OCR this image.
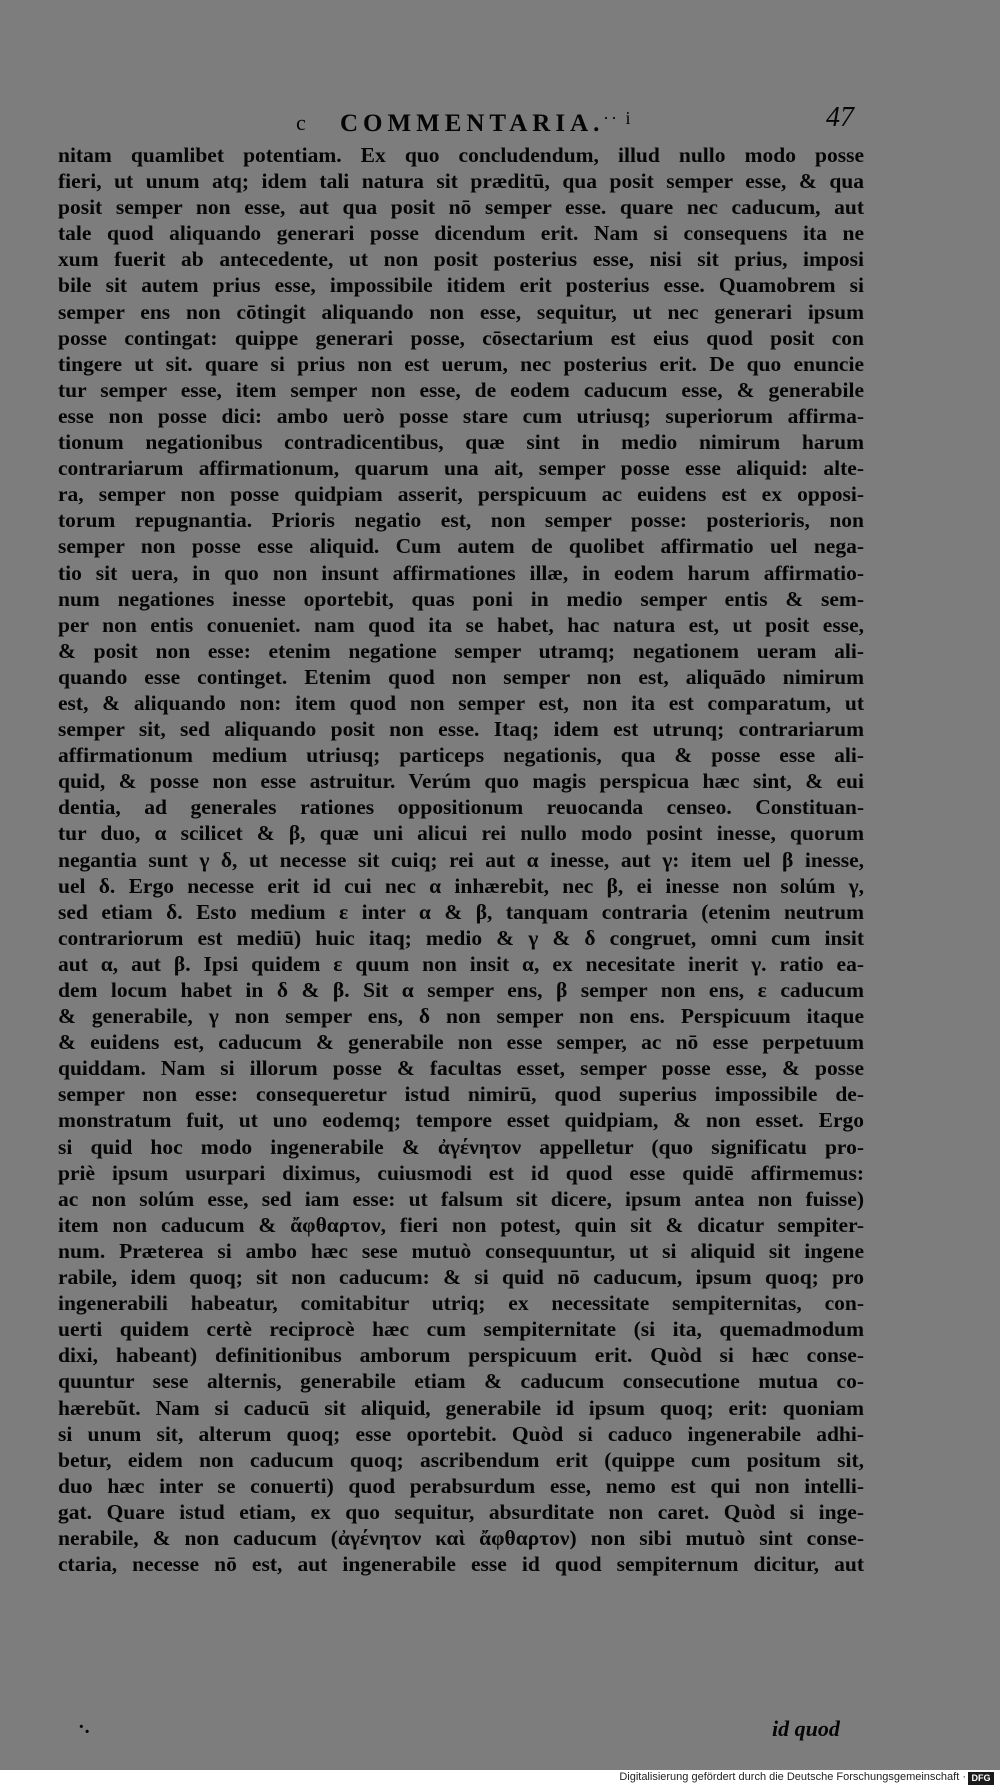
c COMMENTARIA.
·· i	47
nitam quamlibet potentiam. Ex quo concludendum, illud nullo modo posse
fieri, ut unum atq; idem tali natura sit præditū, qua posit semper esse, & qua
posit semper non esse, aut qua posit nō semper esse. quare nec caducum, aut
tale quod aliquando generari posse dicendum erit. Nam si consequens ita ne
xum fuerit ab antecedente, ut non posit posterius esse, nisi sit prius, imposi
bile sit autem prius esse, impossibile itidem erit posterius esse. Quamobrem si
semper ens non cōtingit aliquando non esse, sequitur, ut nec generari ipsum
posse contingat: quippe generari posse, cōsectarium est eius quod posit con
tingere ut sit. quare si prius non est uerum, nec posterius erit. De quo enuncie
tur semper esse, item semper non esse, de eodem caducum esse, & generabile
esse non posse dici: ambo uerò posse stare cum utriusq; superiorum affirma-
tionum negationibus contradicentibus, quæ sint in medio nimirum harum
contrariarum affirmationum, quarum una ait, semper posse esse aliquid: alte-
ra, semper non posse quidpiam asserit, perspicuum ac euidens est ex opposi-
torum repugnantia. Prioris negatio est, non semper posse: posterioris, non
semper non posse esse aliquid. Cum autem de quolibet affirmatio uel nega-
tio sit uera, in quo non insunt affirmationes illæ, in eodem harum affirmatio-
num negationes inesse oportebit, quas poni in medio semper entis & sem-
per non entis conueniet. nam quod ita se habet, hac natura est, ut posit esse,
& posit non esse: etenim negatione semper utramq; negationem ueram ali-
quando esse continget. Etenim quod non semper non est, aliquādo nimirum
est, & aliquando non: item quod non semper est, non ita est comparatum, ut
semper sit, sed aliquando posit non esse. Itaq; idem est utrunq; contrariarum
affirmationum medium utriusq; particeps negationis, qua & posse esse ali-
quid, & posse non esse astruitur. Verúm quo magis perspicua hæc sint, & eui
dentia, ad generales rationes oppositionum reuocanda censeo. Constituan-
tur duo, α scilicet & β, quæ uni alicui rei nullo modo posint inesse, quorum
negantia sunt γ δ, ut necesse sit cuiq; rei aut α inesse, aut γ: item uel β inesse,
uel δ. Ergo necesse erit id cui nec α inhærebit, nec β, ei inesse non solúm γ,
sed etiam δ. Esto medium ε inter α & β, tanquam contraria (etenim neutrum
contrariorum est mediū) huic itaq; medio & γ & δ congruet, omni cum insit
aut α, aut β. Ipsi quidem ε quum non insit α, ex necesitate inerit γ. ratio ea-
dem locum habet in δ & β. Sit α semper ens, β semper non ens, ε caducum
& generabile, γ non semper ens, δ non semper non ens. Perspicuum itaque
& euidens est, caducum & generabile non esse semper, ac nō esse perpetuum
quiddam. Nam si illorum posse & facultas esset, semper posse esse, & posse
semper non esse: consequeretur istud nimirū, quod superius impossibile de-
monstratum fuit, ut uno eodemq; tempore esset quidpiam, & non esset. Ergo
si quid hoc modo ingenerabile & ἀγένητον appelletur (quo significatu pro-
priè ipsum usurpari diximus, cuiusmodi est id quod esse quidē affirmemus:
ac non solúm esse, sed iam esse: ut falsum sit dicere, ipsum antea non fuisse)
item non caducum & ἄφθαρτον, fieri non potest, quin sit & dicatur sempiter-
num. Præterea si ambo hæc sese mutuò consequuntur, ut si aliquid sit ingene
rabile, idem quoq; sit non caducum: & si quid nō caducum, ipsum quoq; pro
ingenerabili habeatur, comitabitur utriq; ex necessitate sempiternitas, con-
uerti quidem certè reciprocè hæc cum sempiternitate (si ita, quemadmodum
dixi, habeant) definitionibus amborum perspicuum erit. Quòd si hæc conse-
quuntur sese alternis, generabile etiam & caducum consecutione mutua co-
hærebũt. Nam si caducū sit aliquid, generabile id ipsum quoq; erit: quoniam
si unum sit, alterum quoq; esse oportebit. Quòd si caduco ingenerabile adhi-
betur, eidem non caducum quoq; ascribendum erit (quippe cum positum sit,
duo hæc inter se conuerti) quod perabsurdum esse, nemo est qui non intelli-
gat. Quare istud etiam, ex quo sequitur, absurditate non caret. Quòd si inge-
nerabile, & non caducum (ἀγένητον καὶ ἄφθαρτον) non sibi mutuò sint conse-
ctaria, necesse nō est, aut ingenerabile esse id quod sempiternum dicitur, aut
·.	id quod
Digitalisierung gefördert durch die Deutsche Forschungsgemeinschaft · DFG
